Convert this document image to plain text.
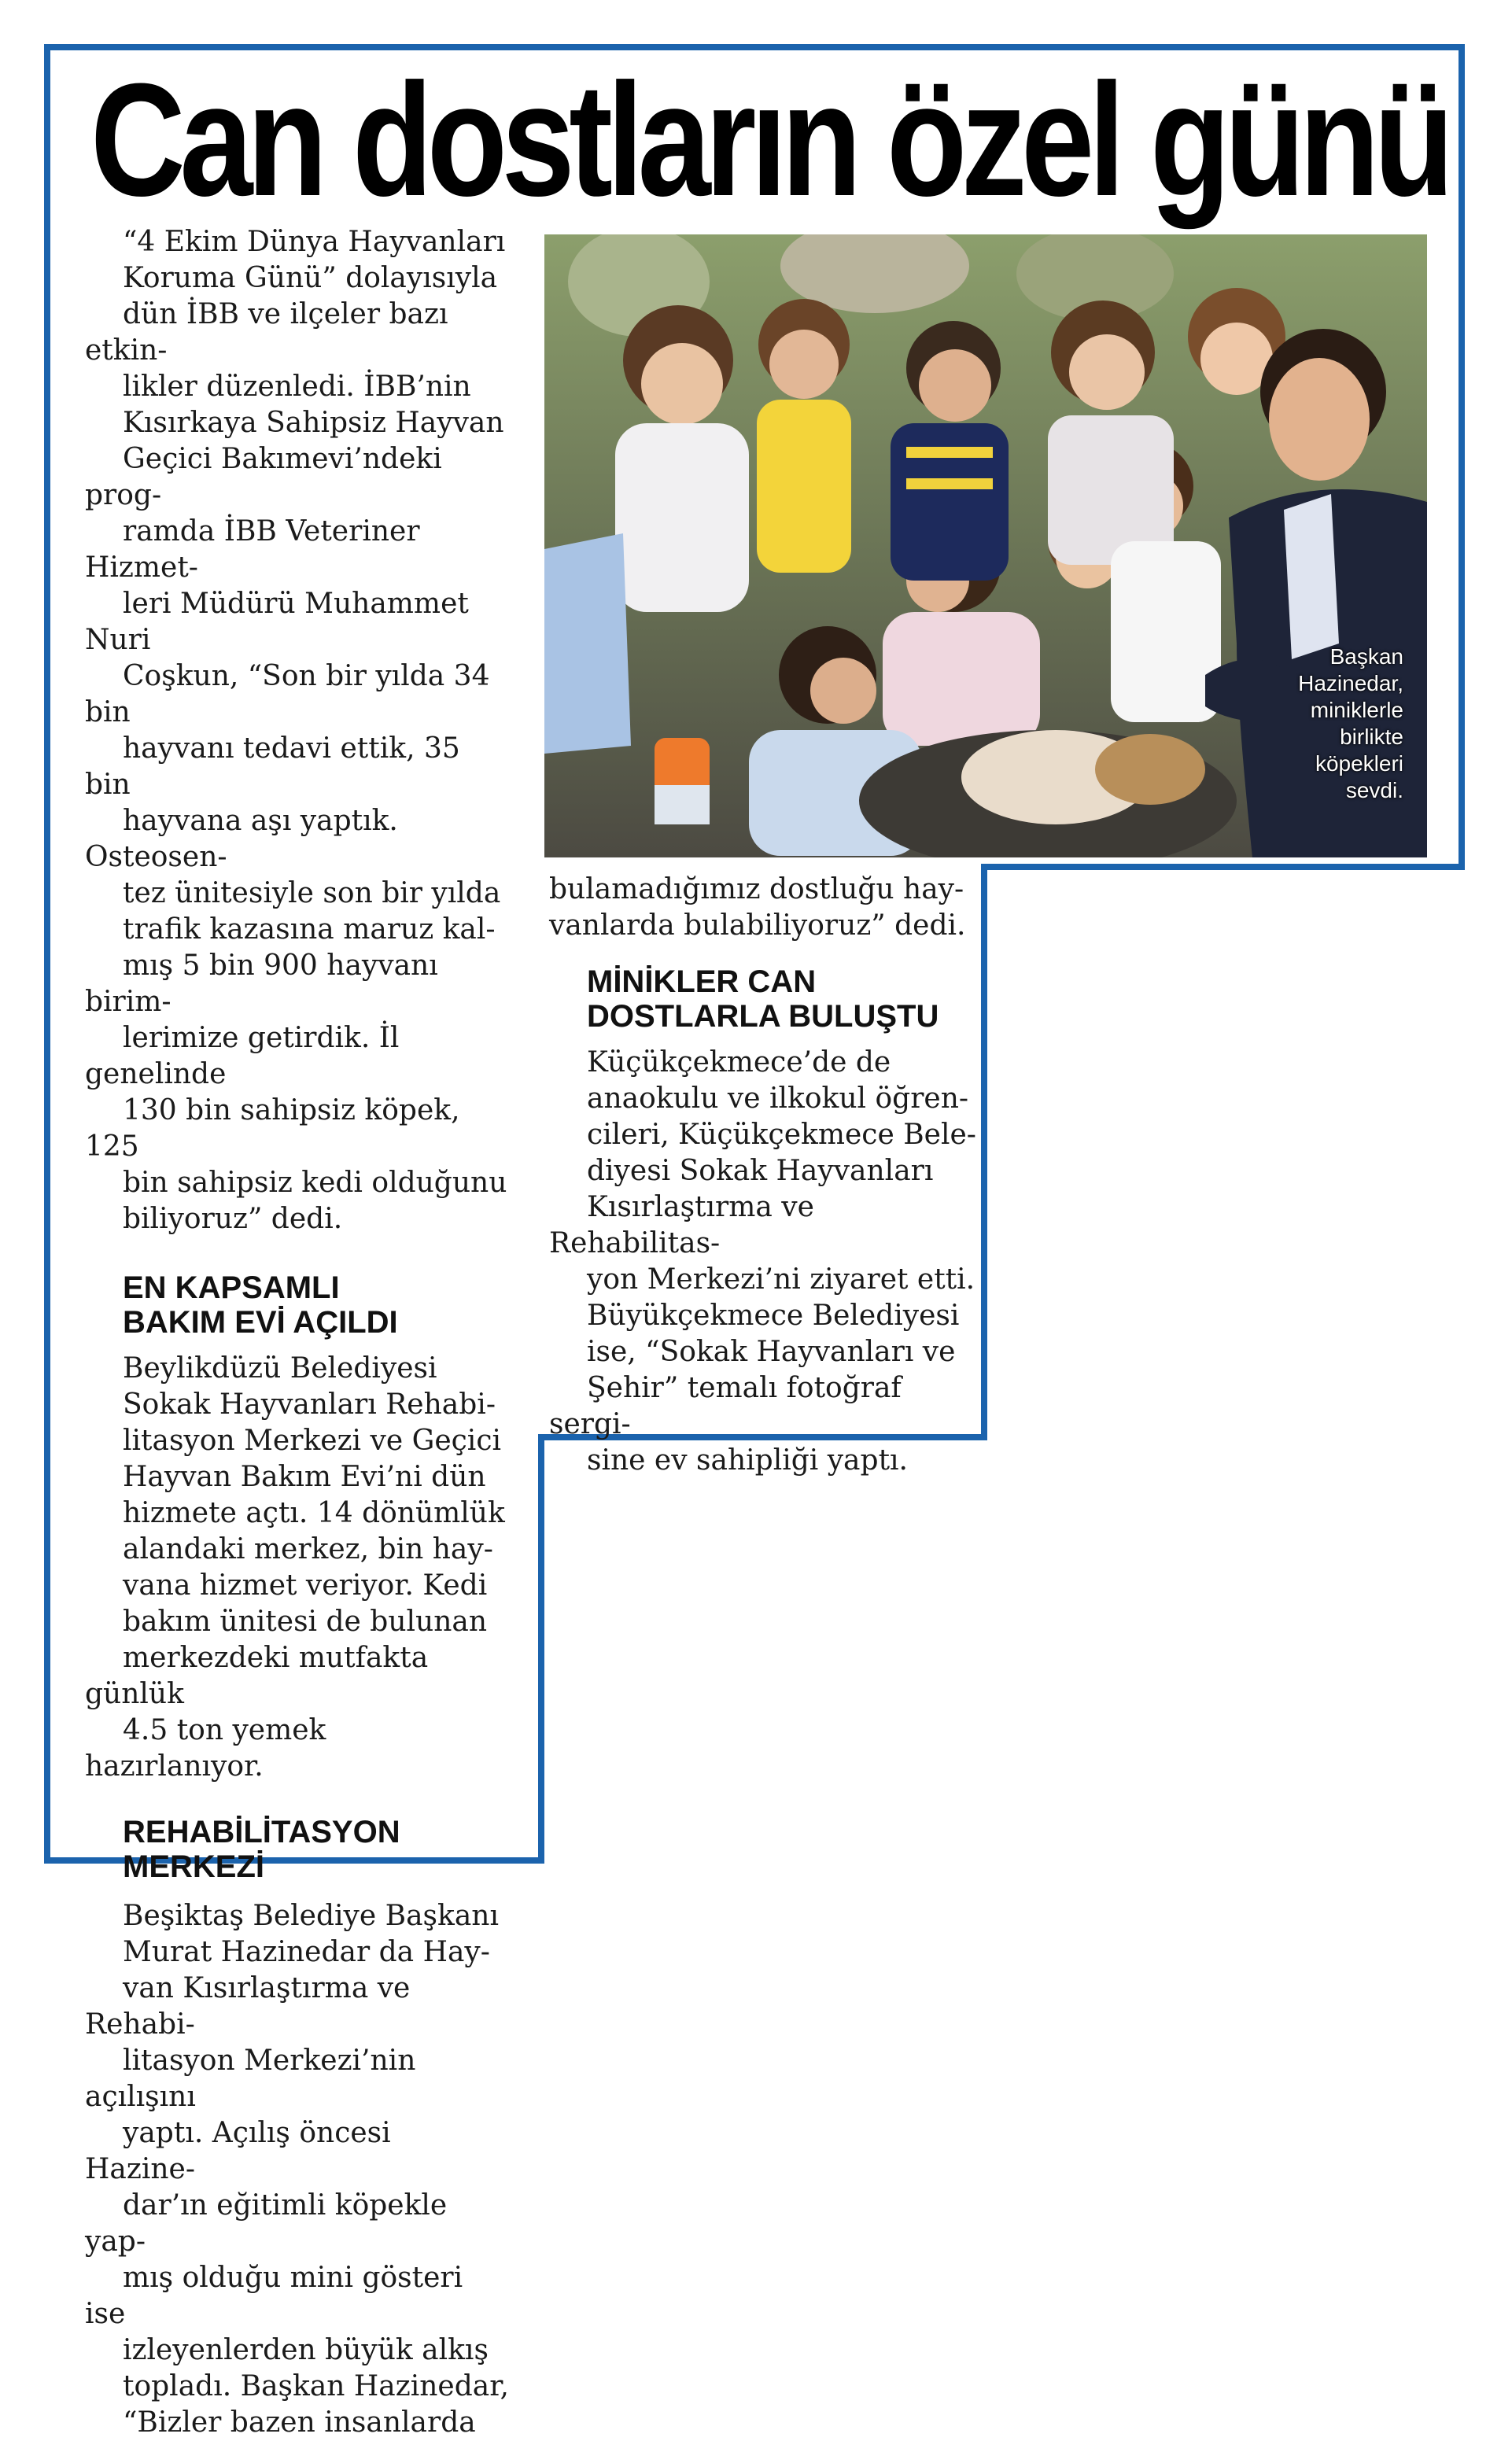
Can dostların özel günü
Başkan
Hazinedar,
miniklerle
birlikte
köpekleri
sevdi.

“4 Ekim Dünya Hayvanları
Koruma Günü” dolayısıyla
dün İBB ve ilçeler bazı etkin-
likler düzenledi. İBB’nin
Kısırkaya Sahipsiz Hayvan
Geçici Bakımevi’ndeki prog-
ramda İBB Veteriner Hizmet-
leri Müdürü Muhammet Nuri
Coşkun, “Son bir yılda 34 bin
hayvanı tedavi ettik, 35 bin
hayvana aşı yaptık. Osteosen-
tez ünitesiyle son bir yılda
trafik kazasına maruz kal-
mış 5 bin 900 hayvanı birim-
lerimize getirdik. İl genelinde
130 bin sahipsiz köpek, 125
bin sahipsiz kedi olduğunu
biliyoruz” dedi.

EN KAPSAMLI
BAKIM EVİ AÇILDI

Beylikdüzü Belediyesi
Sokak Hayvanları Rehabi-
litasyon Merkezi ve Geçici
Hayvan Bakım Evi’ni dün
hizmete açtı. 14 dönümlük
alandaki merkez, bin hay-
vana hizmet veriyor. Kedi
bakım ünitesi de bulunan
merkezdeki mutfakta günlük
4.5 ton yemek hazırlanıyor.

REHABİLİTASYON
MERKEZİ

Beşiktaş Belediye Başkanı
Murat Hazinedar da Hay-
van Kısırlaştırma ve Rehabi-
litasyon Merkezi’nin açılışını
yaptı. Açılış öncesi Hazine-
dar’ın eğitimli köpekle yap-
mış olduğu mini gösteri ise
izleyenlerden büyük alkış
topladı. Başkan Hazinedar,
“Bizler bazen insanlarda

bulamadığımız dostluğu hay-
vanlarda bulabiliyoruz” dedi.

MİNİKLER CAN
DOSTLARLA BULUŞTU

Küçükçekmece’de de
anaokulu ve ilkokul öğren-
cileri, Küçükçekmece Bele-
diyesi Sokak Hayvanları
Kısırlaştırma ve Rehabilitas-
yon Merkezi’ni ziyaret etti.
Büyükçekmece Belediyesi
ise, “Sokak Hayvanları ve
Şehir” temalı fotoğraf sergi-
sine ev sahipliği yaptı.
